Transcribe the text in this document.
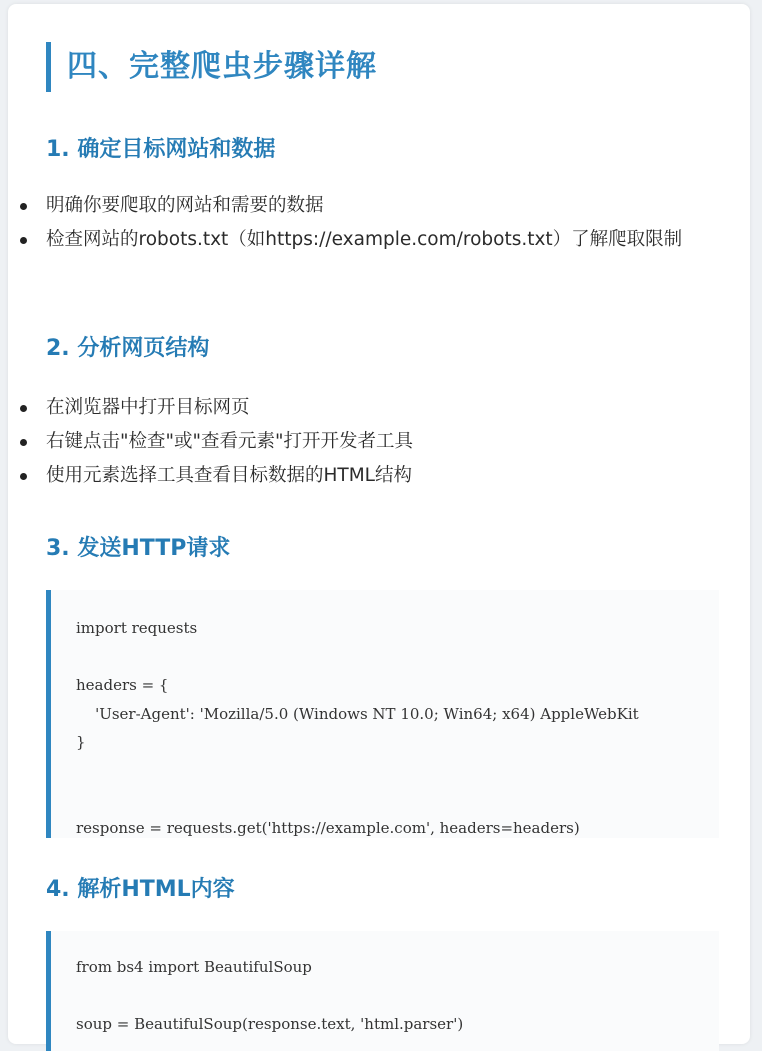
四、完整爬虫步骤详解
1. 确定目标网站和数据
明确你要爬取的网站和需要的数据
检查网站的robots.txt（如https://example.com/robots.txt）了解爬取限制
2. 分析网页结构
在浏览器中打开目标网页
右键点击"检查"或"查看元素"打开开发者工具
使用元素选择工具查看目标数据的HTML结构
3. 发送HTTP请求
import requests
headers = {
'User-Agent': 'Mozilla/5.0 (Windows NT 10.0; Win64; x64) AppleWebKit
}
response = requests.get('https://example.com', headers=headers)
4. 解析HTML内容
from bs4 import BeautifulSoup
soup = BeautifulSoup(response.text, 'html.parser')
